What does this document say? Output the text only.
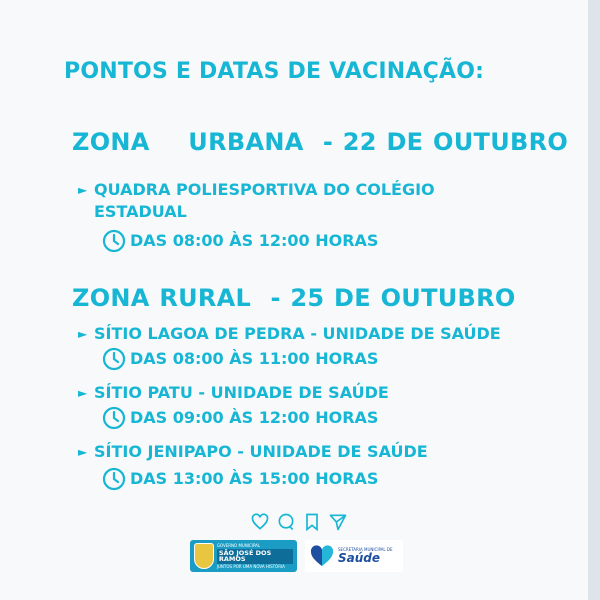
PONTOS E DATAS DE VACINAÇÃO:
ZONA    URBANA  - 22 DE OUTUBRO
► QUADRA POLIESPORTIVA DO COLÉGIO
ESTADUAL
DAS 08:00 ÀS 12:00 HORAS
ZONA RURAL  - 25 DE OUTUBRO
► SÍTIO LAGOA DE PEDRA - UNIDADE DE SAÚDE
DAS 08:00 ÀS 11:00 HORAS
► SÍTIO PATU - UNIDADE DE SAÚDE
DAS 09:00 ÀS 12:00 HORAS
► SÍTIO JENIPAPO - UNIDADE DE SAÚDE
DAS 13:00 ÀS 15:00 HORAS
GOVERNO MUNICIPAL
SÃO JOSÉ DOS RAMOS
JUNTOS POR UMA NOVA HISTÓRIA
SECRETARIA MUNICIPAL DE
Saúde
